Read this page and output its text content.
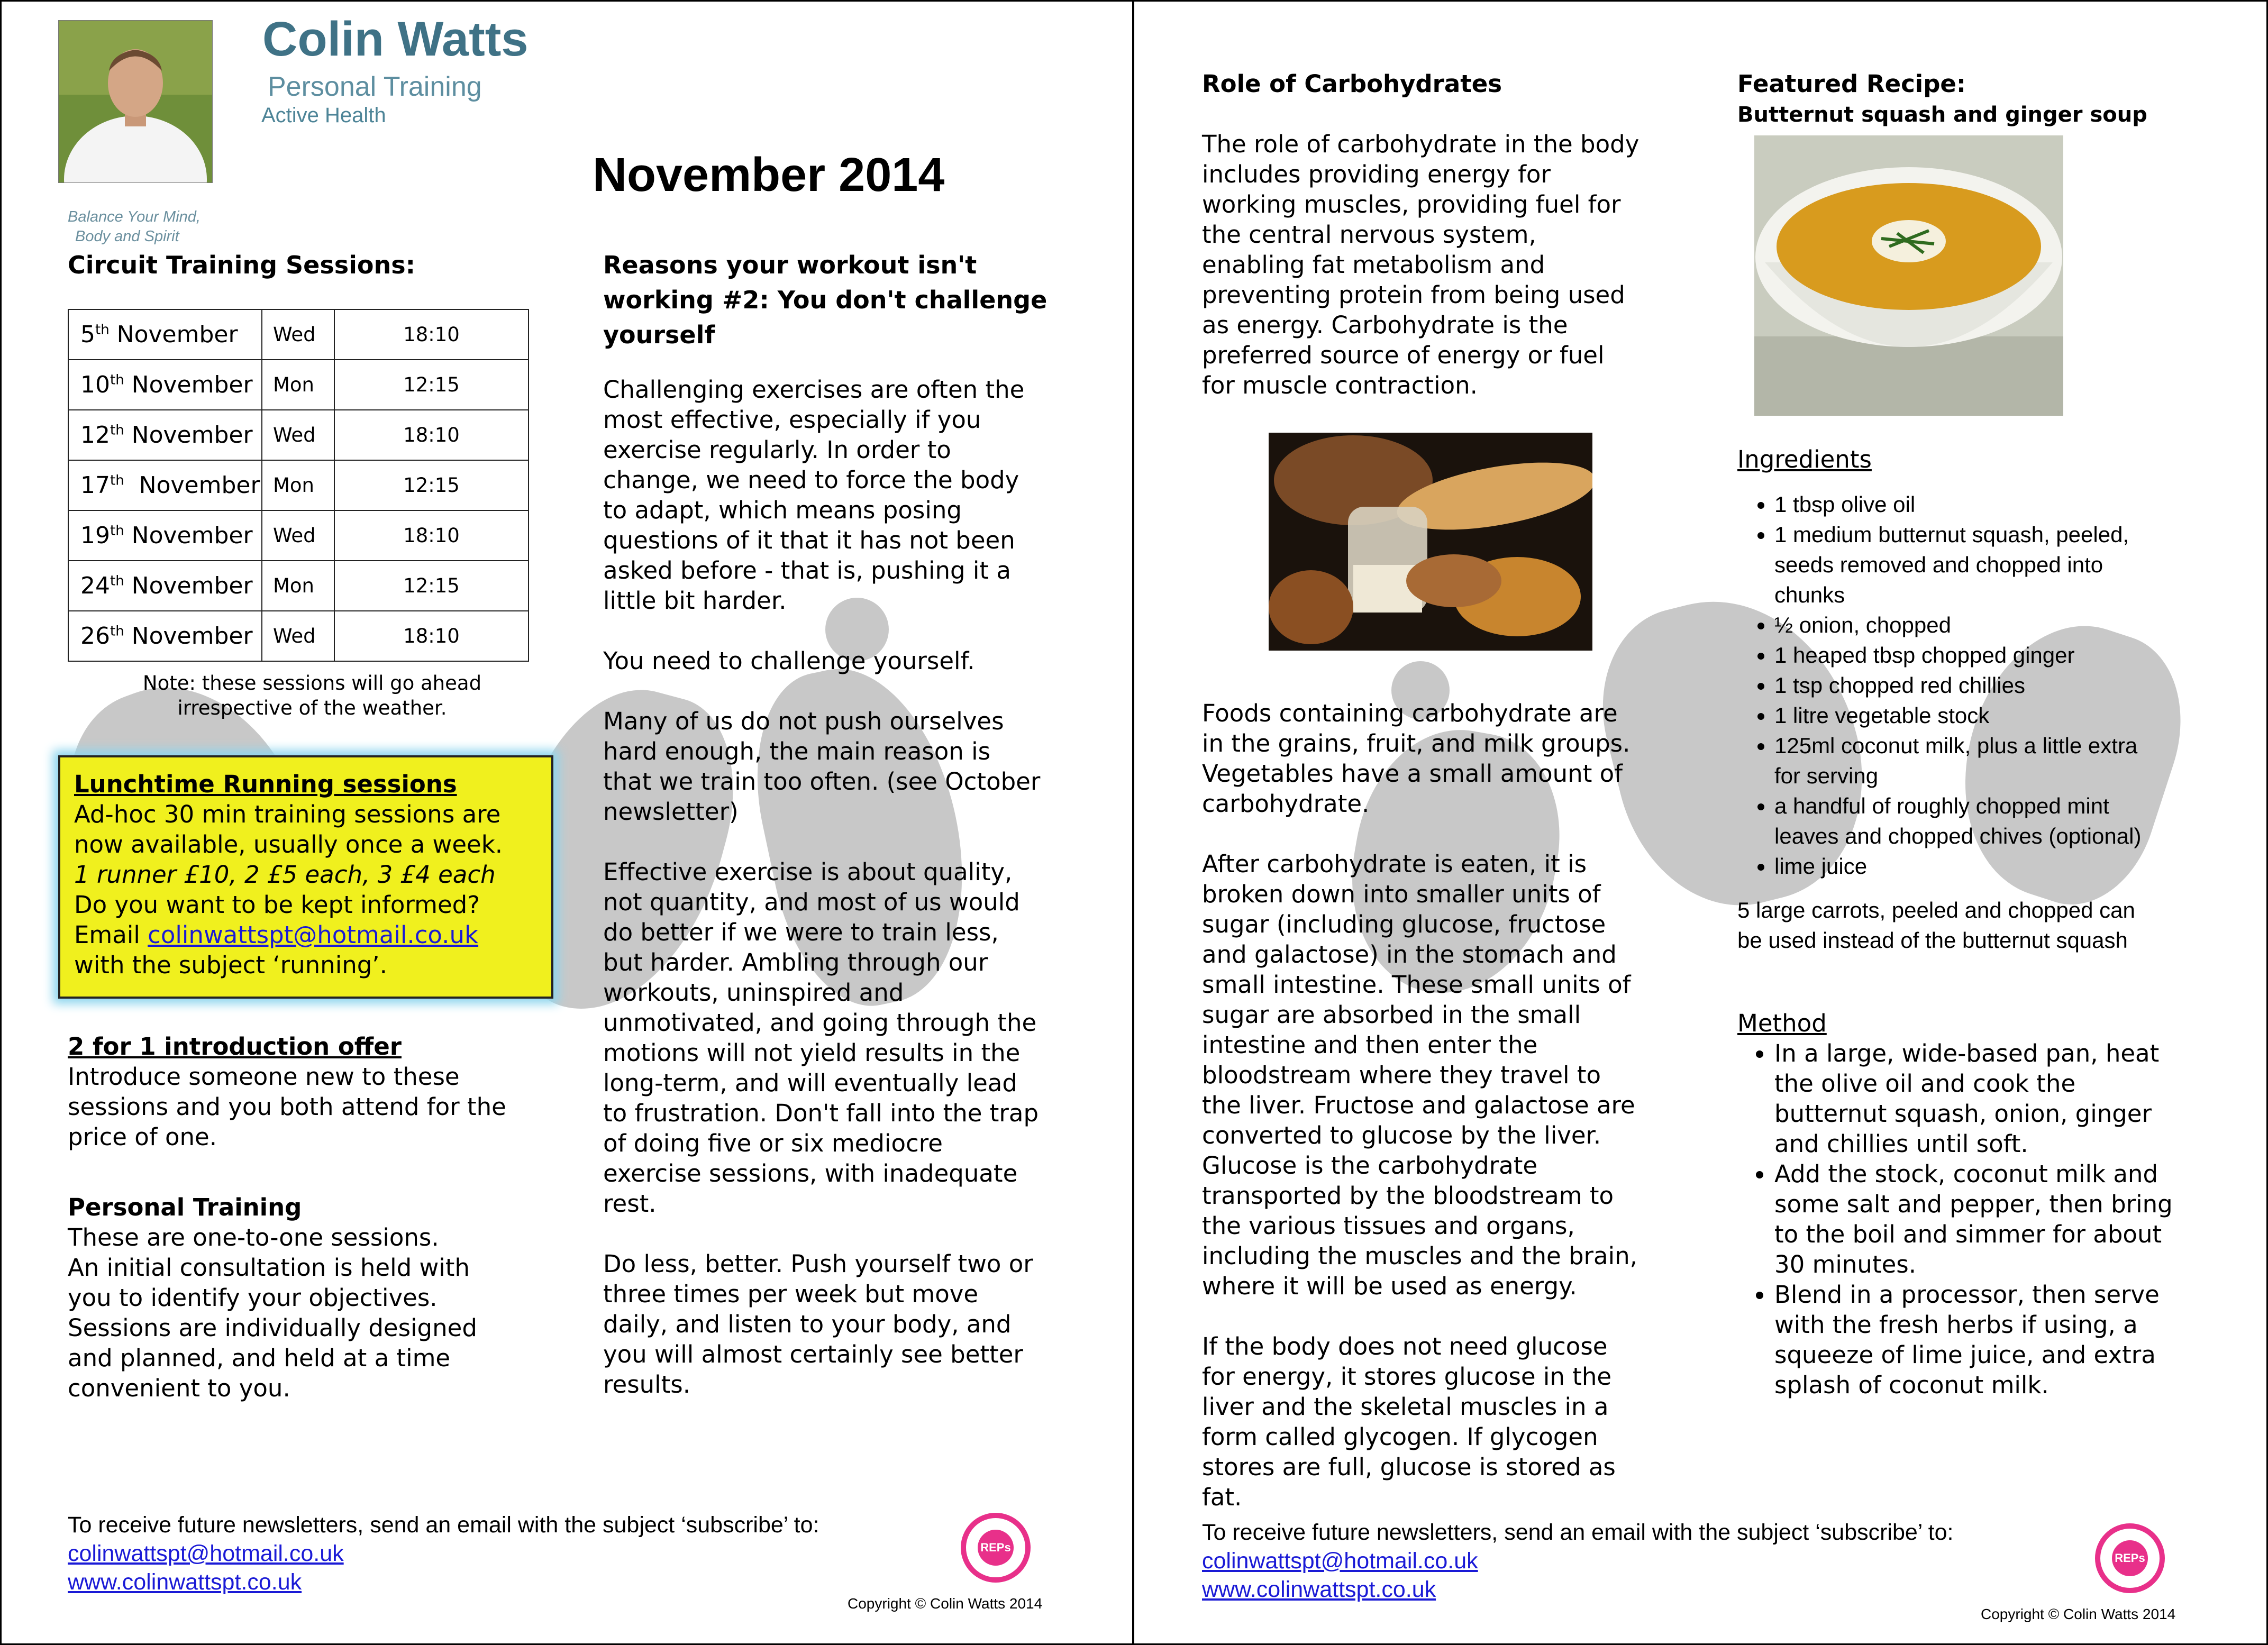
Colin Watts
Personal Training
Active Health
Balance Your Mind,
Body and Spirit
November 2014
Circuit Training Sessions:
5th November	Wed	18:10
10th November	Mon	12:15
12th November	Wed	18:10
17th  November	Mon	12:15
19th November	Wed	18:10
24th November	Mon	12:15
26th November	Wed	18:10
Note: these sessions will go ahead
irrespective of the weather.
Lunchtime Running sessions
Ad-hoc 30 min training sessions are
now available, usually once a week.
1 runner £10, 2 £5 each, 3 £4 each
Do you want to be kept informed?
Email colinwattspt@hotmail.co.uk
with the subject ‘running’.
2 for 1 introduction offer
Introduce someone new to these
sessions and you both attend for the
price of one.
Personal Training
These are one-to-one sessions.
An initial consultation is held with
you to identify your objectives.
Sessions are individually designed
and planned, and held at a time
convenient to you.
Reasons your workout isn't
working #2: You don't challenge
yourself
Challenging exercises are often the
most effective, especially if you
exercise regularly. In order to
change, we need to force the body
to adapt, which means posing
questions of it that it has not been
asked before - that is, pushing it a
little bit harder.
You need to challenge yourself.
Many of us do not push ourselves
hard enough, the main reason is
that we train too often. (see October
newsletter)
Effective exercise is about quality,
not quantity, and most of us would
do better if we were to train less,
but harder. Ambling through our
workouts, uninspired and
unmotivated, and going through the
motions will not yield results in the
long-term, and will eventually lead
to frustration. Don't fall into the trap
of doing five or six mediocre
exercise sessions, with inadequate
rest.
Do less, better. Push yourself two or
three times per week but move
daily, and listen to your body, and
you will almost certainly see better
results.
To receive future newsletters, send an email with the subject ‘subscribe’ to:
colinwattspt@hotmail.co.uk
www.colinwattspt.co.uk
REPs
Copyright © Colin Watts 2014
Role of Carbohydrates
The role of carbohydrate in the body
includes providing energy for
working muscles, providing fuel for
the central nervous system,
enabling fat metabolism and
preventing protein from being used
as energy. Carbohydrate is the
preferred source of energy or fuel
for muscle contraction.
Foods containing carbohydrate are
in the grains, fruit, and milk groups.
Vegetables have a small amount of
carbohydrate.
After carbohydrate is eaten, it is
broken down into smaller units of
sugar (including glucose, fructose
and galactose) in the stomach and
small intestine. These small units of
sugar are absorbed in the small
intestine and then enter the
bloodstream where they travel to
the liver. Fructose and galactose are
converted to glucose by the liver.
Glucose is the carbohydrate
transported by the bloodstream to
the various tissues and organs,
including the muscles and the brain,
where it will be used as energy.
If the body does not need glucose
for energy, it stores glucose in the
liver and the skeletal muscles in a
form called glycogen. If glycogen
stores are full, glucose is stored as
fat.
Featured Recipe:
Butternut squash and ginger soup
Ingredients
• 1 tbsp olive oil
• 1 medium butternut squash, peeled,
seeds removed and chopped into
chunks
• ½ onion, chopped
• 1 heaped tbsp chopped ginger
• 1 tsp chopped red chillies
• 1 litre vegetable stock
• 125ml coconut milk, plus a little extra
for serving
• a handful of roughly chopped mint
leaves and chopped chives (optional)
• lime juice
5 large carrots, peeled and chopped can
be used instead of the butternut squash
Method
• In a large, wide-based pan, heat
the olive oil and cook the
butternut squash, onion, ginger
and chillies until soft.
• Add the stock, coconut milk and
some salt and pepper, then bring
to the boil and simmer for about
30 minutes.
• Blend in a processor, then serve
with the fresh herbs if using, a
squeeze of lime juice, and extra
splash of coconut milk.
To receive future newsletters, send an email with the subject ‘subscribe’ to:
colinwattspt@hotmail.co.uk
www.colinwattspt.co.uk
REPs
Copyright © Colin Watts 2014
